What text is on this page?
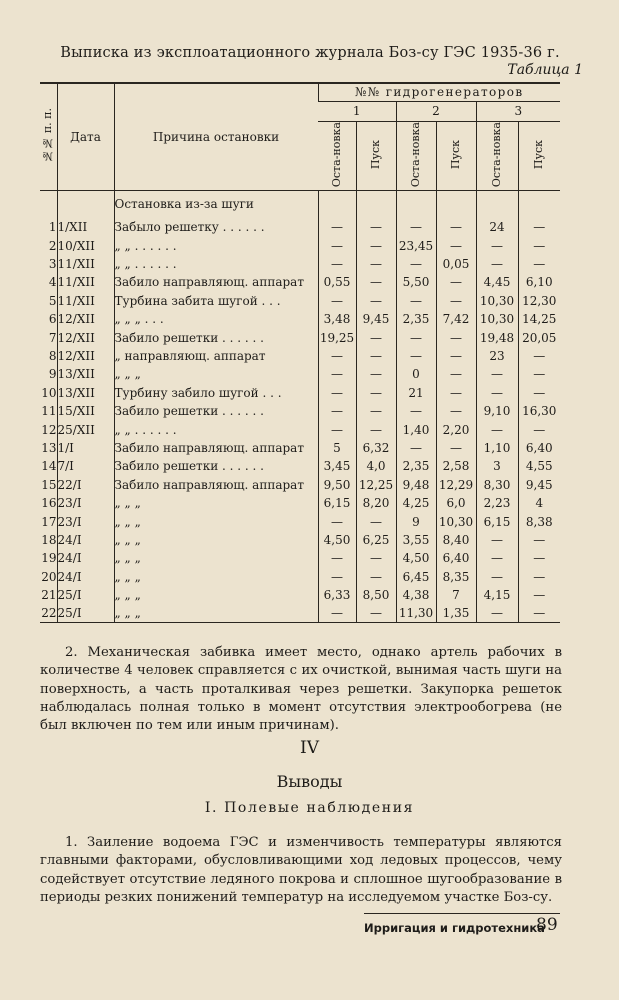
Выписка из эксплоатационного журнала Боз-су ГЭС 1935-36 г.
Таблица 1
№№ п. п.	Дата	Причина остановки	№№ гидрогенераторов					
			1		2		3	
			Оста-новка	Пуск	Оста-новка	Пуск	Оста-новка	Пуск
		Остановка из-за шуги						
1	1/XII	Забыло решетку . . . . . .	—	—	—	—	24	—
2	10/XII	„ „ . . . . . .	—	—	23,45	—	—	—
3	11/XII	„ „ . . . . . .	—	—	—	0,05	—	—
4	11/XII	Забило направляющ. аппарат	0,55	—	5,50	—	4,45	6,10
5	11/XII	Турбина забита шугой . . .	—	—	—	—	10,30	12,30
6	12/XII	„ „ „ . . .	3,48	9,45	2,35	7,42	10,30	14,25
7	12/XII	Забило решетки . . . . . .	19,25	—	—	—	19,48	20,05
8	12/XII	„ направляющ. аппарат	—	—	—	—	23	—
9	13/XII	„ „ „	—	—	0	—	—	—
10	13/XII	Турбину забило шугой . . .	—	—	21	—	—	—
11	15/XII	Забило решетки . . . . . .	—	—	—	—	9,10	16,30
12	25/XII	„ „ . . . . . .	—	—	1,40	2,20	—	—
13	1/I	Забило направляющ. аппарат	5	6,32	—	—	1,10	6,40
14	7/I	Забило решетки . . . . . .	3,45	4,0	2,35	2,58	3	4,55
15	22/I	Забило направляющ. аппарат	9,50	12,25	9,48	12,29	8,30	9,45
16	23/I	„ „ „	6,15	8,20	4,25	6,0	2,23	4
17	23/I	„ „ „	—	—	9	10,30	6,15	8,38
18	24/I	„ „ „	4,50	6,25	3,55	8,40	—	—
19	24/I	„ „ „	—	—	4,50	6,40	—	—
20	24/I	„ „ „	—	—	6,45	8,35	—	—
21	25/I	„ „ „	6,33	8,50	4,38	7	4,15	—
22	25/I	„ „ „	—	—	11,30	1,35	—	—
2. Механическая забивка имеет место, однако артель рабочих в количестве 4 человек справляется с их очисткой, вынимая часть шуги на поверхность, а часть проталкивая через решетки. Закупорка решеток наблюдалась полная только в момент отсутствия электрообогрева (не был включен по тем или иным причинам).
IV
Выводы
I. Полевые наблюдения
1. Заиление водоема ГЭС и изменчивость температуры являются главными факторами, обусловливающими ход ледовых процессов, чему содействует отсутствие ледяного покрова и сплошное шугообразование в периоды резких понижений температур на исследуемом участке Боз-су.
Ирригация и гидротехника
89
